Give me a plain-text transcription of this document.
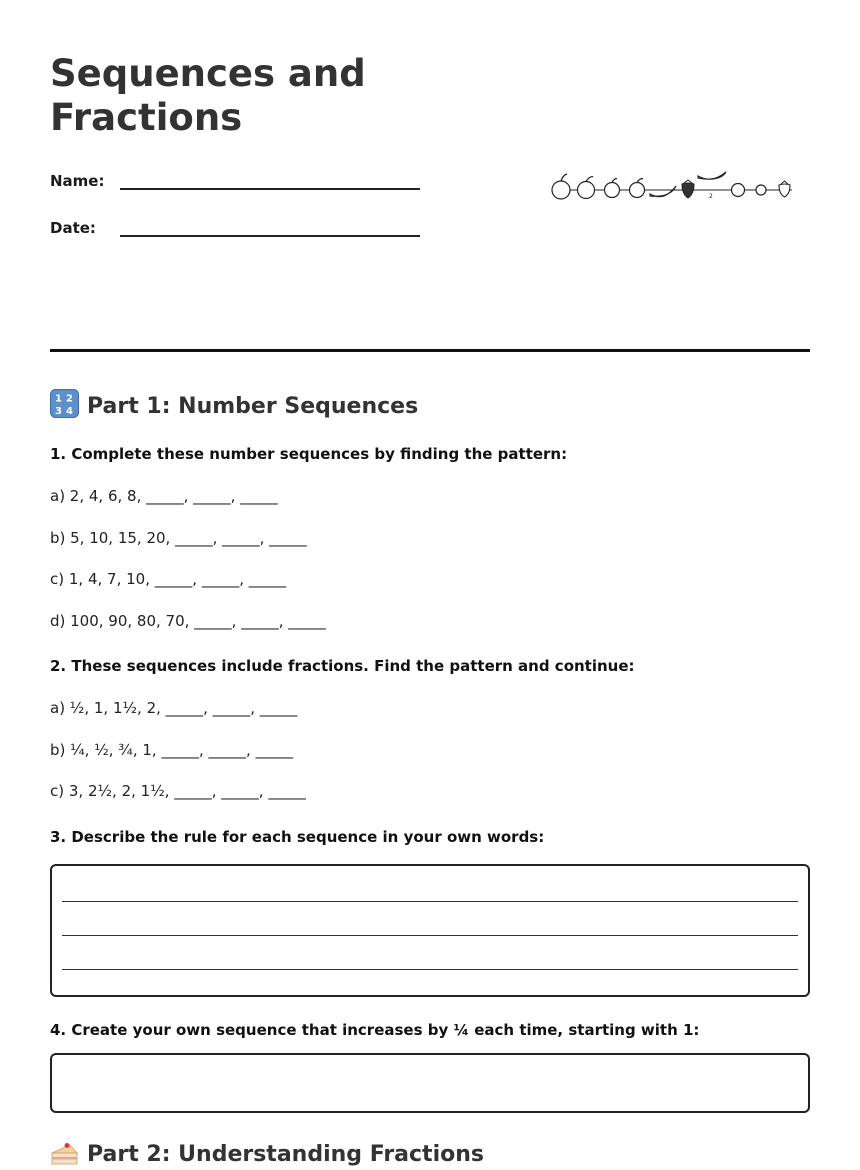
Sequences and
Fractions
Name:
Date:
2
1 2
3 4 Part 1: Number Sequences

1. Complete these number sequences by finding the pattern:

a) 2, 4, 6, 8, _____, _____, _____
b) 5, 10, 15, 20, _____, _____, _____
c) 1, 4, 7, 10, _____, _____, _____
d) 100, 90, 80, 70, _____, _____, _____

2. These sequences include fractions. Find the pattern and continue:

a) ½, 1, 1½, 2, _____, _____, _____
b) ¼, ½, ¾, 1, _____, _____, _____
c) 3, 2½, 2, 1½, _____, _____, _____

3. Describe the rule for each sequence in your own words:

4. Create your own sequence that increases by ¼ each time, starting with 1:

Part 2: Understanding Fractions
